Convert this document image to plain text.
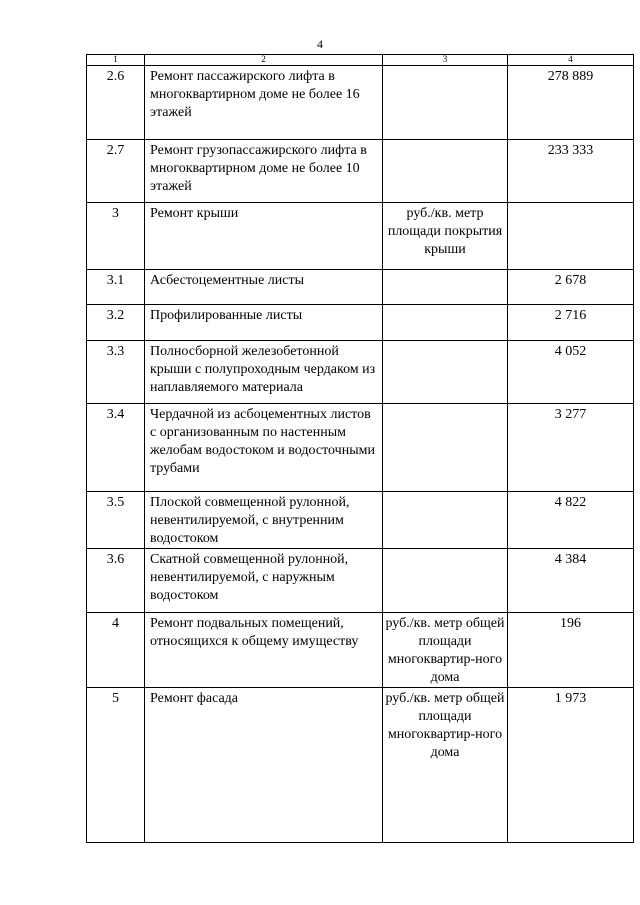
4
1	2	3	4
2.6	Ремонт пассажирского лифта в многоквартирном доме не более 16 этажей		278 889
2.7	Ремонт грузопассажирского лифта в многоквартирном доме не более 10 этажей		233 333
3	Ремонт крыши	руб./кв. метр площади покрытия крыши	
3.1	Асбестоцементные листы		2 678
3.2	Профилированные листы		2 716
3.3	Полносборной железобетонной крыши с полупроходным чердаком из наплавляемого материала		4 052
3.4	Чердачной из асбоцементных листов с организованным по настенным желобам водостоком и водосточными трубами		3 277
3.5	Плоской совмещенной рулонной, невентилируемой, с внутренним водостоком		4 822
3.6	Скатной совмещенной рулонной, невентилируемой, с наружным водостоком		4 384
4	Ремонт подвальных помещений, относящихся к общему имуществу	руб./кв. метр общей площади многоквартир-ного дома	196
5	Ремонт фасада	руб./кв. метр общей площади многоквартир-ного дома	1 973
